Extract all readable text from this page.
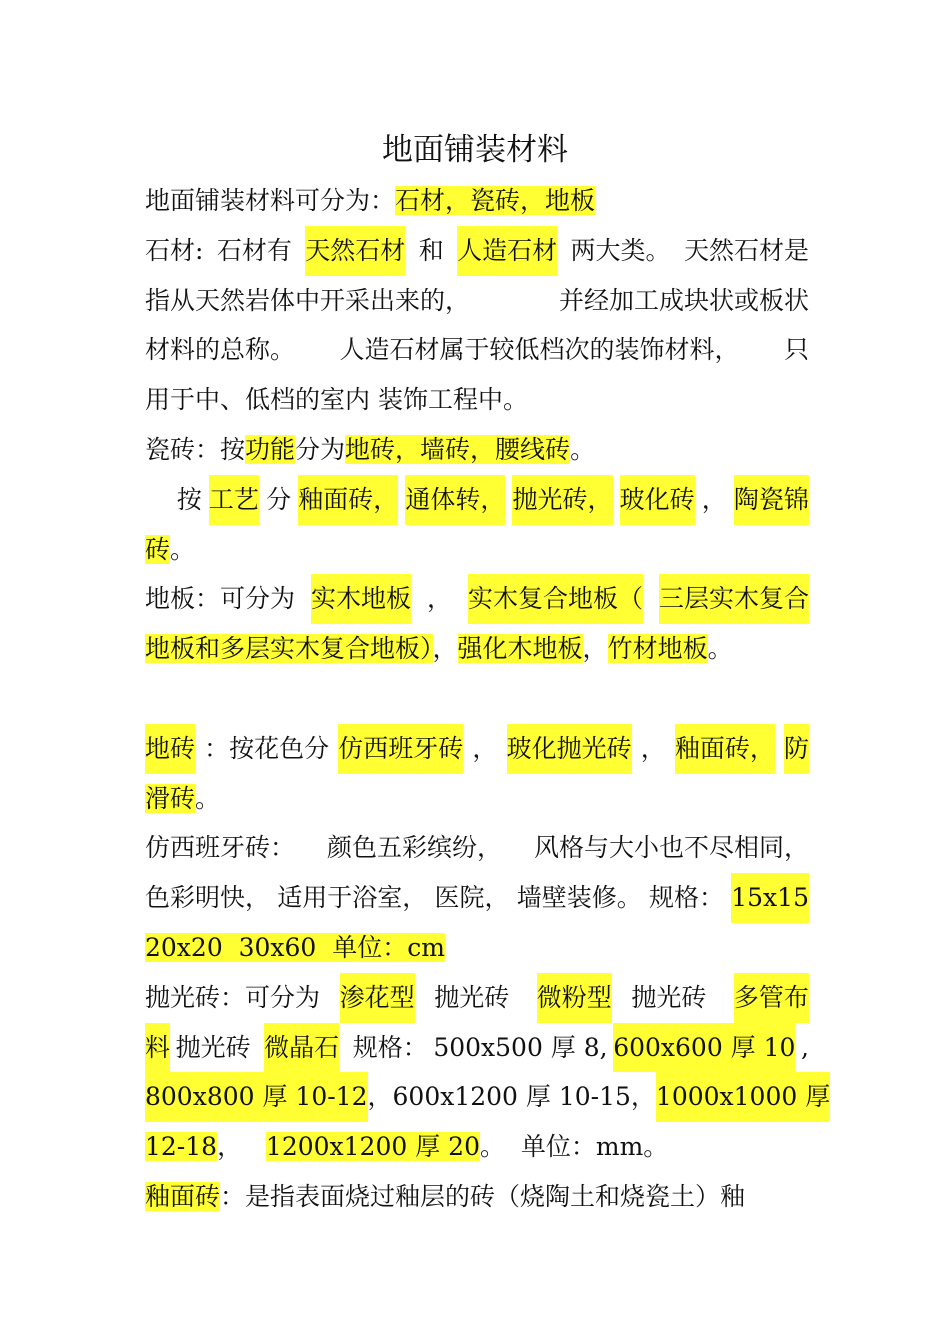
地面铺装材料
地面铺装材料可分为：石材，瓷砖，地板
石材: 石材有 天然石材 和 人造石材 两大类。 天然石材是
指从天然岩体中开采出来的，	并经加工成块状或板状
材料的总称。 人造石材属于较低档次的装饰材料， 只
用于中、低档的室内 装饰工程中。
瓷砖：按功能分为地砖，墙砖，腰线砖。
按 工艺 分 釉面砖， 通体转， 抛光砖， 玻化砖 ， 陶瓷锦
砖。
地板：可分为 实木地板 ， 实木复合地板（ 三层实木复合
地板和多层实木复合地板），强化木地板，竹材地板。
地砖 ：按花色分 仿西班牙砖 ， 玻化抛光砖 ， 釉面砖， 防
滑砖。
仿西班牙砖： 颜色五彩缤纷， 风格与大小也不尽相同，
色彩明快， 适用于浴室， 医院， 墙壁装修。 规格： 15x15
20x20  30x60  单位：cm
抛光砖：可分为 渗花型 抛光砖 微粉型 抛光砖 多管布
料 抛光砖 微晶石 规格： 500x500 厚 8, 600x600 厚 10 ,
800x800 厚 10-12 ， 600x1200 厚 10-15， 1000x1000 厚
12-18，   1200x1200 厚 20。  单位：mm。
釉面砖：是指表面烧过釉层的砖（烧陶土和烧瓷土）釉
